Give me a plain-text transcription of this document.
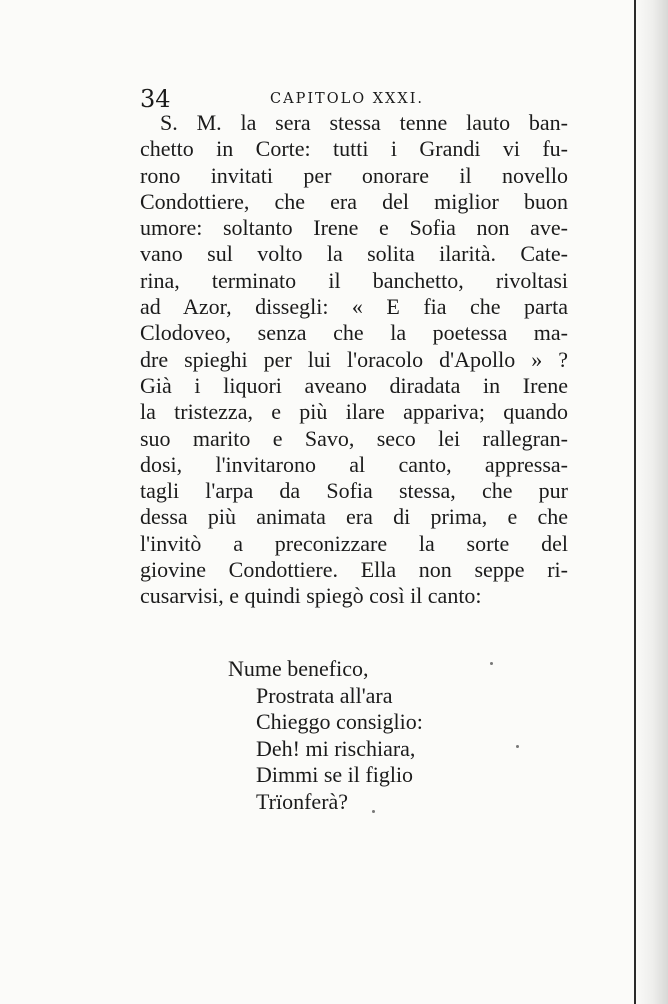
34	CAPITOLO XXXI.
S. M. la sera stessa tenne lauto ban-
chetto in Corte: tutti i Grandi vi fu-
rono invitati per onorare il novello
Condottiere, che era del miglior buon
umore: soltanto Irene e Sofia non ave-
vano sul volto la solita ilarità. Cate-
rina, terminato il banchetto, rivoltasi
ad Azor, dissegli: « E fia che parta
Clodoveo, senza che la poetessa ma-
dre spieghi per lui l'oracolo d'Apollo » ?
Già i liquori aveano diradata in Irene
la tristezza, e più ilare appariva; quando
suo marito e Savo, seco lei rallegran-
dosi, l'invitarono al canto, appressa-
tagli l'arpa da Sofia stessa, che pur
dessa più animata era di prima, e che
l'invitò a preconizzare la sorte del
giovine Condottiere. Ella non seppe ri-
cusarvisi, e quindi spiegò così il canto:
Nume benefico,
Prostrata all'ara
Chieggo consiglio:
Deh! mi rischiara,
Dimmi se il figlio
Trïonferà?
